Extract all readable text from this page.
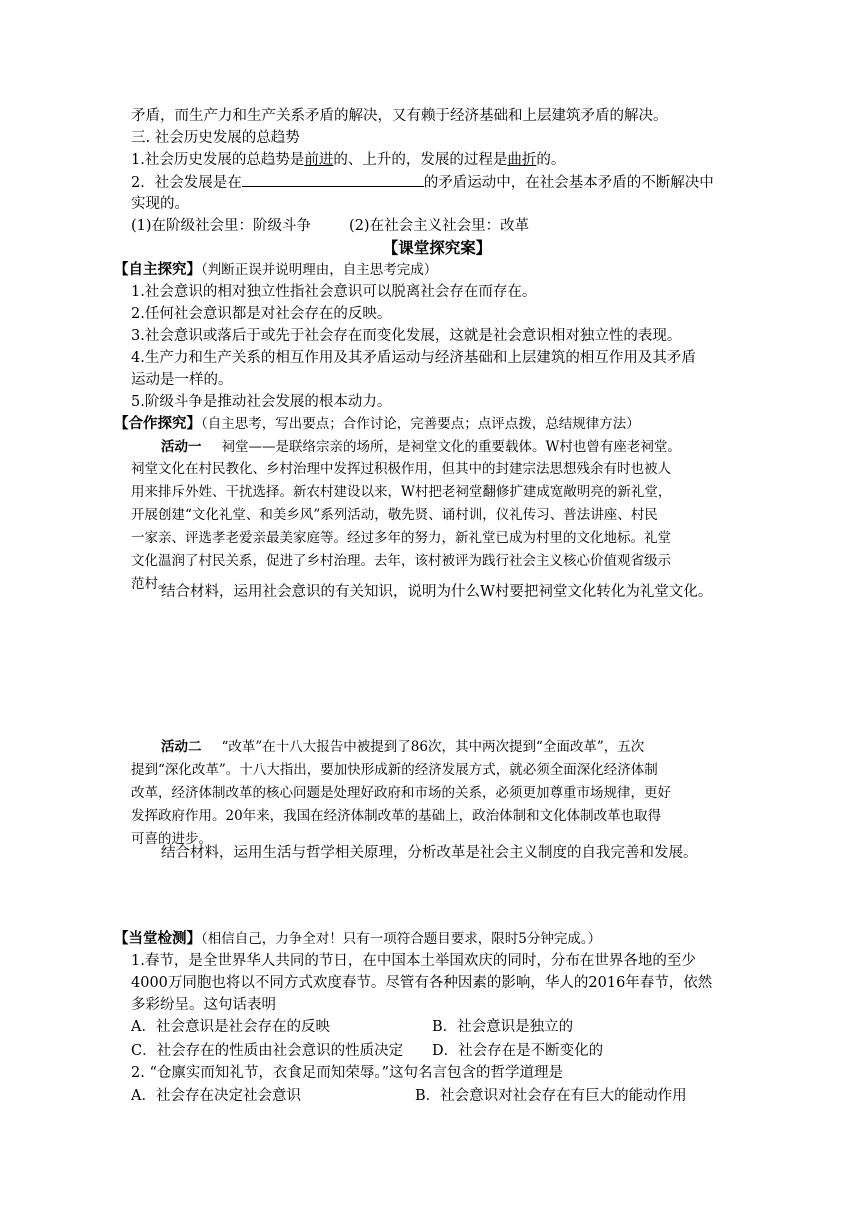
矛盾，而生产力和生产关系矛盾的解决，又有赖于经济基础和上层建筑矛盾的解决。
三. 社会历史发展的总趋势
1.社会历史发展的总趋势是前进的、上升的，发展的过程是曲折的。
2．社会发展是在	的矛盾运动中，在社会基本矛盾的不断解决中
实现的。
(1)在阶级社会里：阶级斗争	(2)在社会主义社会里：改革
【课堂探究案】
【自主探究】（判断正误并说明理由，自主思考完成）
1.社会意识的相对独立性指社会意识可以脱离社会存在而存在。
2.任何社会意识都是对社会存在的反映。
3.社会意识或落后于或先于社会存在而变化发展，这就是社会意识相对独立性的表现。
4.生产力和生产关系的相互作用及其矛盾运动与经济基础和上层建筑的相互作用及其矛盾
运动是一样的。
5.阶级斗争是推动社会发展的根本动力。
【合作探究】（自主思考，写出要点；合作讨论，完善要点；点评点拨，总结规律方法）
活动一 祠堂——是联络宗亲的场所，是祠堂文化的重要载体。W村也曾有座老祠堂。
祠堂文化在村民教化、乡村治理中发挥过积极作用，但其中的封建宗法思想残余有时也被人
用来排斥外姓、干扰选择。新农村建设以来，W村把老祠堂翻修扩建成宽敞明亮的新礼堂，
开展创建“文化礼堂、和美乡风”系列活动，敬先贤、诵村训，仪礼传习、普法讲座、村民
一家亲、评选孝老爱亲最美家庭等。经过多年的努力，新礼堂已成为村里的文化地标。礼堂
文化温润了村民关系，促进了乡村治理。去年，该村被评为践行社会主义核心价值观省级示
范村。
结合材料，运用社会意识的有关知识，说明为什么W村要把祠堂文化转化为礼堂文化。
活动二 “改革”在十八大报告中被提到了86次，其中两次提到“全面改革”，五次
提到“深化改革”。十八大指出，要加快形成新的经济发展方式，就必须全面深化经济体制
改革，经济体制改革的核心问题是处理好政府和市场的关系，必须更加尊重市场规律，更好
发挥政府作用。20年来，我国在经济体制改革的基础上，政治体制和文化体制改革也取得
可喜的进步。
结合材料，运用生活与哲学相关原理，分析改革是社会主义制度的自我完善和发展。
【当堂检测】（相信自己，力争全对！只有一项符合题目要求，限时5分钟完成。）
1.春节，是全世界华人共同的节日，在中国本土举国欢庆的同时，分布在世界各地的至少
4000万同胞也将以不同方式欢度春节。尽管有各种因素的影响，华人的2016年春节，依然
多彩纷呈。这句话表明
A．社会意识是社会存在的反映	B．社会意识是独立的
C．社会存在的性质由社会意识的性质决定 D．社会存在是不断变化的
2. “仓廪实而知礼节，衣食足而知荣辱。”这句名言包含的哲学道理是
A．社会存在决定社会意识	B．社会意识对社会存在有巨大的能动作用
